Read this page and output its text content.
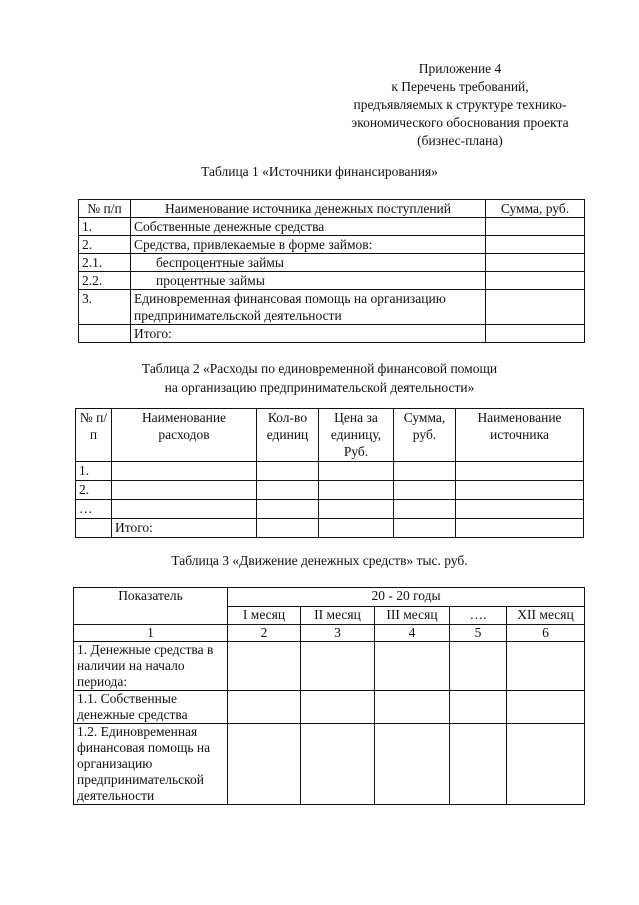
Приложение 4
к Перечень требований,
предъявляемых к структуре технико-
экономического обоснования проекта
(бизнес-плана)
Таблица 1 «Источники финансирования»
№ п/п	Наименование источника денежных поступлений	Сумма, руб.
1.	Собственные денежные средства	
2.	Средства, привлекаемые в форме займов:	
2.1.	беспроцентные займы	
2.2.	процентные займы	
3.	Единовременная финансовая помощь на организацию предпринимательской деятельности	
	Итого:	
Таблица 2 «Расходы по единовременной финансовой помощи
на организацию предпринимательской деятельности»
№ п/п	Наименование расходов	Кол-во единиц	Цена за единицу, Руб.	Сумма, руб.	Наименование источника
1.					
2.					
…					
	Итого:				
Таблица 3 «Движение денежных средств» тыс. руб.
Показатель	20 - 20 годы				
	I месяц	II месяц	III месяц	….	XII месяц
1	2	3	4	5	6
1. Денежные средства в наличии на начало периода:					
1.1. Собственные денежные средства					
1.2. Единовременная финансовая помощь на организацию предпринимательской деятельности					
